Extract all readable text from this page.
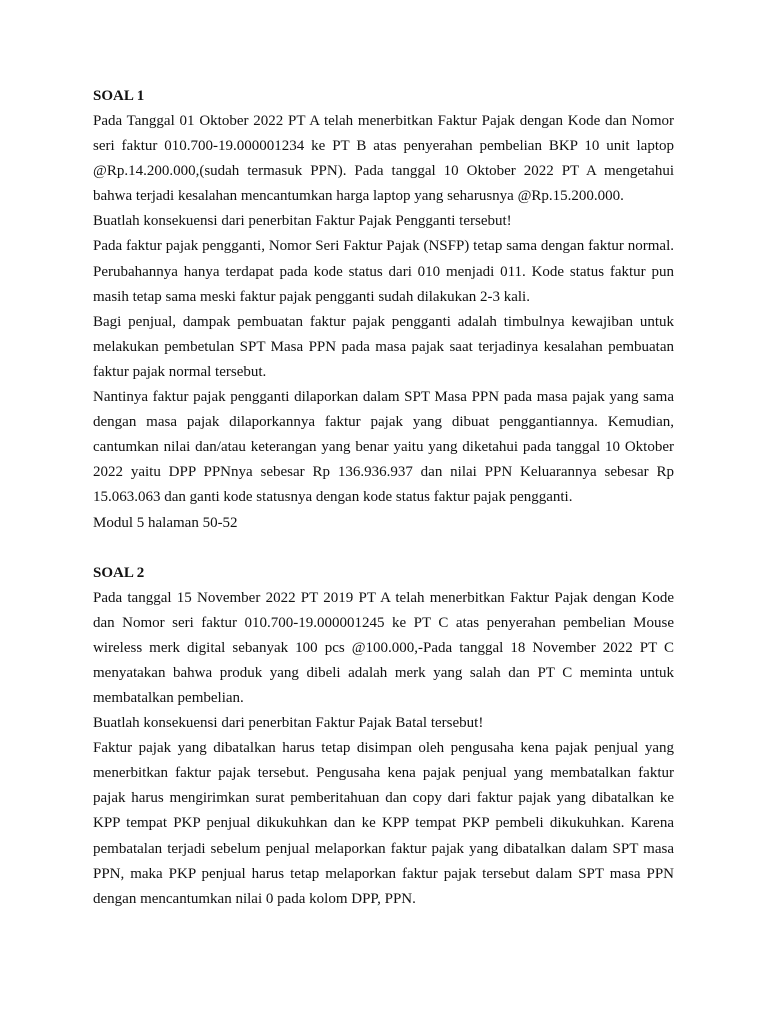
SOAL 1

Pada Tanggal 01 Oktober 2022 PT A telah menerbitkan Faktur Pajak dengan Kode dan Nomor seri faktur 010.700-19.000001234 ke PT B atas penyerahan pembelian BKP 10 unit laptop @Rp.14.200.000,(sudah termasuk PPN). Pada tanggal 10 Oktober 2022 PT A mengetahui bahwa terjadi kesalahan mencantumkan harga laptop yang seharusnya @Rp.15.200.000.

Buatlah konsekuensi dari penerbitan Faktur Pajak Pengganti tersebut!

Pada faktur pajak pengganti, Nomor Seri Faktur Pajak (NSFP) tetap sama dengan faktur normal. Perubahannya hanya terdapat pada kode status dari 010 menjadi 011. Kode status faktur pun masih tetap sama meski faktur pajak pengganti sudah dilakukan 2-3 kali.

Bagi penjual, dampak pembuatan faktur pajak pengganti adalah timbulnya kewajiban untuk melakukan pembetulan SPT Masa PPN pada masa pajak saat terjadinya kesalahan pembuatan faktur pajak normal tersebut.

Nantinya faktur pajak pengganti dilaporkan dalam SPT Masa PPN pada masa pajak yang sama dengan masa pajak dilaporkannya faktur pajak yang dibuat penggantiannya. Kemudian, cantumkan nilai dan/atau keterangan yang benar yaitu yang diketahui pada tanggal 10 Oktober 2022 yaitu DPP PPNnya sebesar Rp 136.936.937 dan nilai PPN Keluarannya sebesar Rp 15.063.063 dan ganti kode statusnya dengan kode status faktur pajak pengganti.

Modul 5 halaman 50-52

SOAL 2

Pada tanggal 15 November 2022 PT 2019 PT A telah menerbitkan Faktur Pajak dengan Kode dan Nomor seri faktur 010.700-19.000001245 ke PT C atas penyerahan pembelian Mouse wireless merk digital sebanyak 100 pcs @100.000,-Pada tanggal 18 November 2022 PT C menyatakan bahwa produk yang dibeli adalah merk yang salah dan PT C meminta untuk membatalkan pembelian.

Buatlah konsekuensi dari penerbitan Faktur Pajak Batal tersebut!

Faktur pajak yang dibatalkan harus tetap disimpan oleh pengusaha kena pajak penjual yang menerbitkan faktur pajak tersebut. Pengusaha kena pajak penjual yang membatalkan faktur pajak harus mengirimkan surat pemberitahuan dan copy dari faktur pajak yang dibatalkan ke KPP tempat PKP penjual dikukuhkan dan ke KPP tempat PKP pembeli dikukuhkan. Karena pembatalan terjadi sebelum penjual melaporkan faktur pajak yang dibatalkan dalam SPT masa PPN, maka PKP penjual harus tetap melaporkan faktur pajak tersebut dalam SPT masa PPN dengan mencantumkan nilai 0 pada kolom DPP, PPN.
